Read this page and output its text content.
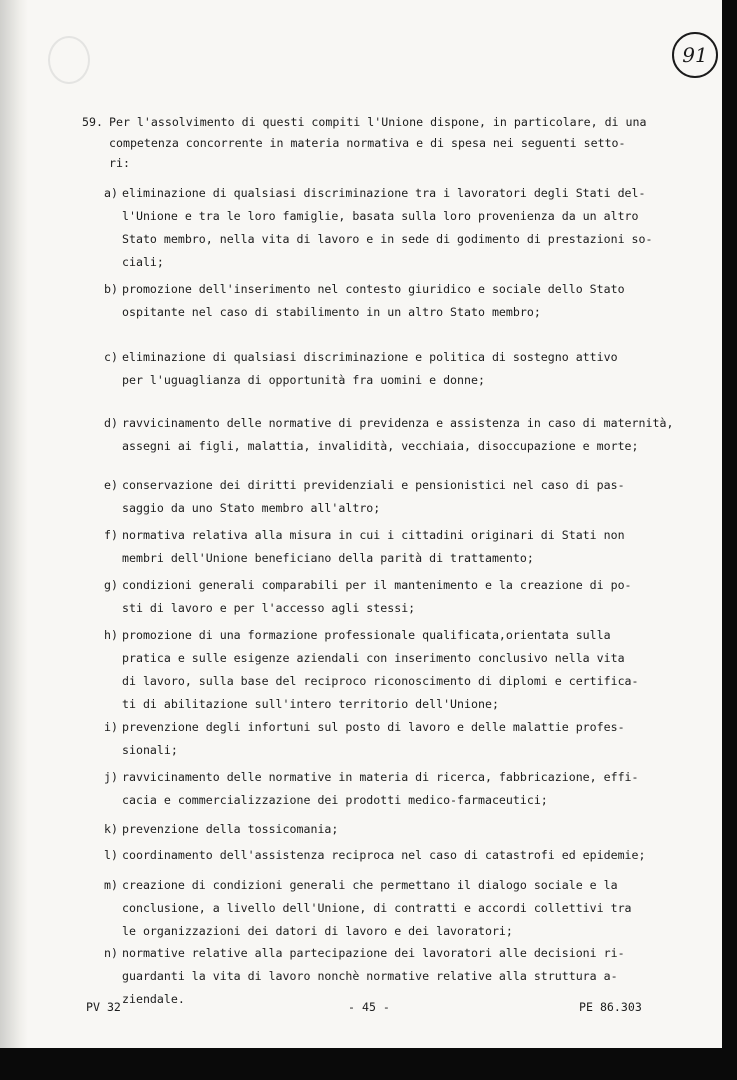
91
59. Per l'assolvimento di questi compiti l'Unione dispone, in particolare, di una
competenza concorrente in materia normativa e di spesa nei seguenti setto-
ri:
a) eliminazione di qualsiasi discriminazione tra i lavoratori degli Stati del-
l'Unione e tra le loro famiglie, basata sulla loro provenienza da un altro
Stato membro, nella vita di lavoro e in sede di godimento di prestazioni so-
ciali;
b) promozione dell'inserimento nel contesto giuridico e sociale dello Stato
ospitante nel caso di stabilimento in un altro Stato membro;
c) eliminazione di qualsiasi discriminazione e politica di sostegno attivo
per l'uguaglianza di opportunità fra uomini e donne;
d) ravvicinamento delle normative di previdenza e assistenza in caso di maternità,
assegni ai figli, malattia, invalidità, vecchiaia, disoccupazione e morte;
e) conservazione dei diritti previdenziali e pensionistici nel caso di pas-
saggio da uno Stato membro all'altro;
f) normativa relativa alla misura in cui i cittadini originari di Stati non
membri dell'Unione beneficiano della parità di trattamento;
g) condizioni generali comparabili per il mantenimento e la creazione di po-
sti di lavoro e per l'accesso agli stessi;
h) promozione di una formazione professionale qualificata,orientata sulla
pratica e sulle esigenze aziendali con inserimento conclusivo nella vita
di lavoro, sulla base del reciproco riconoscimento di diplomi e certifica-
ti di abilitazione sull'intero territorio dell'Unione;
i) prevenzione degli infortuni sul posto di lavoro e delle malattie profes-
sionali;
j) ravvicinamento delle normative in materia di ricerca, fabbricazione, effi-
cacia e commercializzazione dei prodotti medico-farmaceutici;
k) prevenzione della tossicomania;
l) coordinamento dell'assistenza reciproca nel caso di catastrofi ed epidemie;
m) creazione di condizioni generali che permettano il dialogo sociale e la
conclusione, a livello dell'Unione, di contratti e accordi collettivi tra
le organizzazioni dei datori di lavoro e dei lavoratori;
n) normative relative alla partecipazione dei lavoratori alle decisioni ri-
guardanti la vita di lavoro nonchè normative relative alla struttura a-
ziendale.
PV 32	- 45 -	PE 86.303
